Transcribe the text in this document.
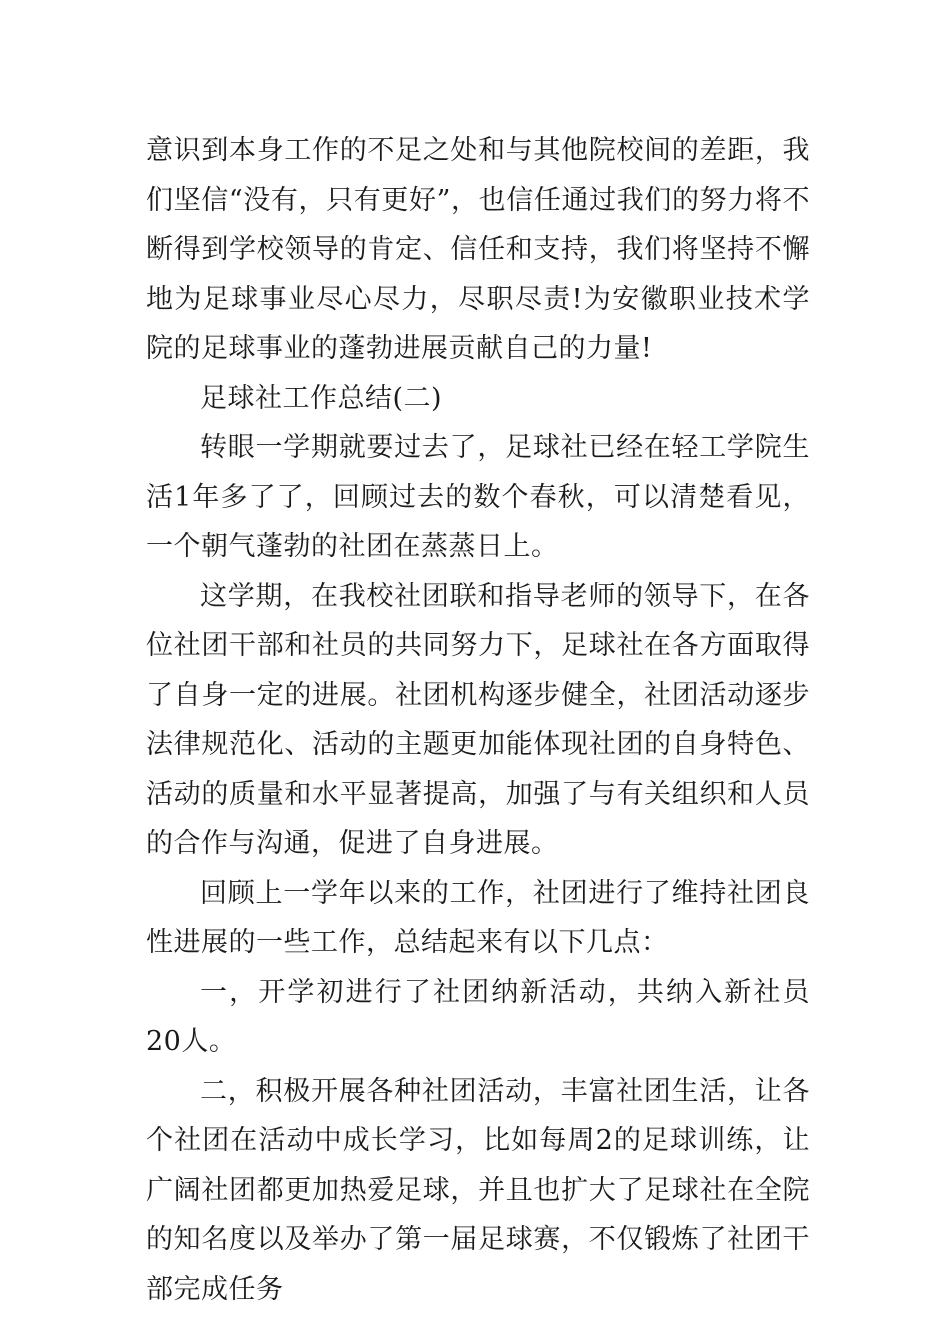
意识到本身工作的不足之处和与其他院校间的差距，我们坚信“没有，只有更好”，也信任通过我们的努力将不断得到学校领导的肯定、信任和支持，我们将坚持不懈地为足球事业尽心尽力，尽职尽责!为安徽职业技术学院的足球事业的蓬勃进展贡献自己的力量!

足球社工作总结(二)

转眼一学期就要过去了，足球社已经在轻工学院生活1年多了了，回顾过去的数个春秋，可以清楚看见，一个朝气蓬勃的社团在蒸蒸日上。

这学期，在我校社团联和指导老师的领导下，在各位社团干部和社员的共同努力下，足球社在各方面取得了自身一定的进展。社团机构逐步健全，社团活动逐步法律规范化、活动的主题更加能体现社团的自身特色、活动的质量和水平显著提高，加强了与有关组织和人员的合作与沟通，促进了自身进展。

回顾上一学年以来的工作，社团进行了维持社团良性进展的一些工作，总结起来有以下几点：

一，开学初进行了社团纳新活动，共纳入新社员20人。

二，积极开展各种社团活动，丰富社团生活，让各个社团在活动中成长学习，比如每周2的足球训练，让广阔社团都更加热爱足球，并且也扩大了足球社在全院的知名度以及举办了第一届足球赛，不仅锻炼了社团干部完成任务
